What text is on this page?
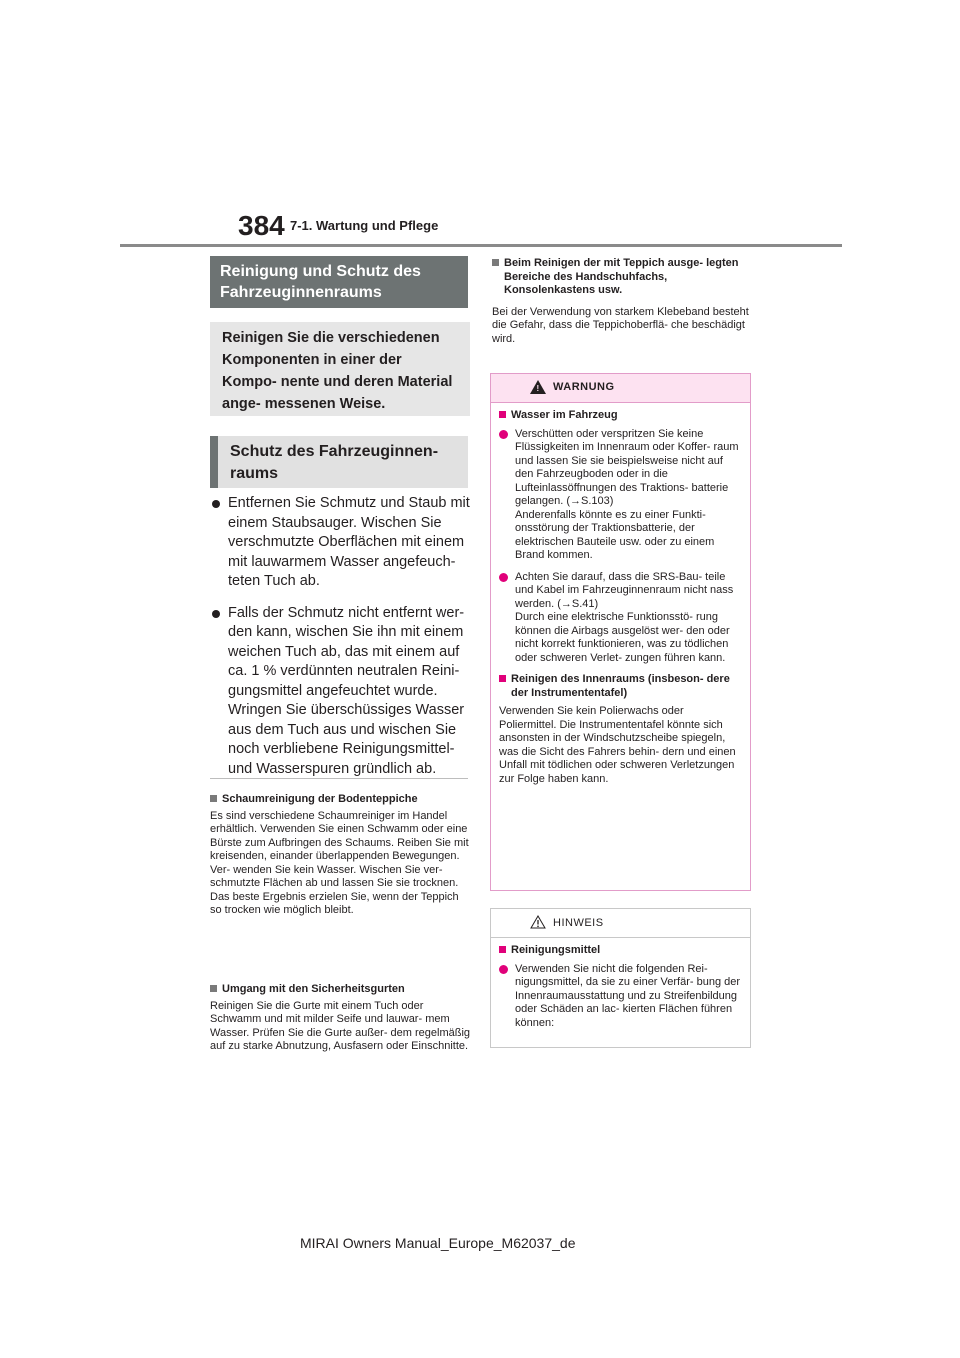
384 7-1. Wartung und Pflege
Reinigung und Schutz des Fahrzeuginnenraums
Reinigen Sie die verschiedenen Komponenten in einer der Kompo- nente und deren Material ange- messenen Weise.
Schutz des Fahrzeuginnen- raums
Entfernen Sie Schmutz und Staub mit einem Staubsauger. Wischen Sie verschmutzte Oberflächen mit einem mit lauwarmem Wasser angefeuch- teten Tuch ab.
Falls der Schmutz nicht entfernt wer- den kann, wischen Sie ihn mit einem weichen Tuch ab, das mit einem auf ca. 1 % verdünnten neutralen Reini- gungsmittel angefeuchtet wurde. Wringen Sie überschüssiges Wasser aus dem Tuch aus und wischen Sie noch verbliebene Reinigungsmittel- und Wasserspuren gründlich ab.
Schaumreinigung der Bodenteppiche
Es sind verschiedene Schaumreiniger im Handel erhältlich. Verwenden Sie einen Schwamm oder eine Bürste zum Aufbringen des Schaums. Reiben Sie mit kreisenden, einander überlappenden Bewegungen. Ver- wenden Sie kein Wasser. Wischen Sie ver- schmutzte Flächen ab und lassen Sie sie trocknen. Das beste Ergebnis erzielen Sie, wenn der Teppich so trocken wie möglich bleibt.
Umgang mit den Sicherheitsgurten
Reinigen Sie die Gurte mit einem Tuch oder Schwamm und mit milder Seife und lauwar- mem Wasser. Prüfen Sie die Gurte außer- dem regelmäßig auf zu starke Abnutzung, Ausfasern oder Einschnitte.
Beim Reinigen der mit Teppich ausge- legten Bereiche des Handschuhfachs, Konsolenkastens usw.
Bei der Verwendung von starkem Klebeband besteht die Gefahr, dass die Teppichoberflä- che beschädigt wird.
! WARNUNG
Wasser im Fahrzeug
Verschütten oder verspritzen Sie keine Flüssigkeiten im Innenraum oder Koffer- raum und lassen Sie sie beispielsweise nicht auf den Fahrzeugboden oder in die Lufteinlassöffnungen des Traktions- batterie gelangen. (→S.103)
Anderenfalls könnte es zu einer Funkti- onsstörung der Traktionsbatterie, der elektrischen Bauteile usw. oder zu einem Brand kommen.
Achten Sie darauf, dass die SRS-Bau- teile und Kabel im Fahrzeuginnenraum nicht nass werden. (→S.41)
Durch eine elektrische Funktionsstö- rung können die Airbags ausgelöst wer- den oder nicht korrekt funktionieren, was zu tödlichen oder schweren Verlet- zungen führen kann.
Reinigen des Innenraums (insbeson- dere der Instrumententafel)
Verwenden Sie kein Polierwachs oder Poliermittel. Die Instrumententafel könnte sich ansonsten in der Windschutzscheibe spiegeln, was die Sicht des Fahrers behin- dern und einen Unfall mit tödlichen oder schweren Verletzungen zur Folge haben kann.
HINWEIS
Reinigungsmittel
Verwenden Sie nicht die folgenden Rei- nigungsmittel, da sie zu einer Verfär- bung der Innenraumausstattung und zu Streifenbildung oder Schäden an lac- kierten Flächen führen können:
MIRAI Owners Manual_Europe_M62037_de
